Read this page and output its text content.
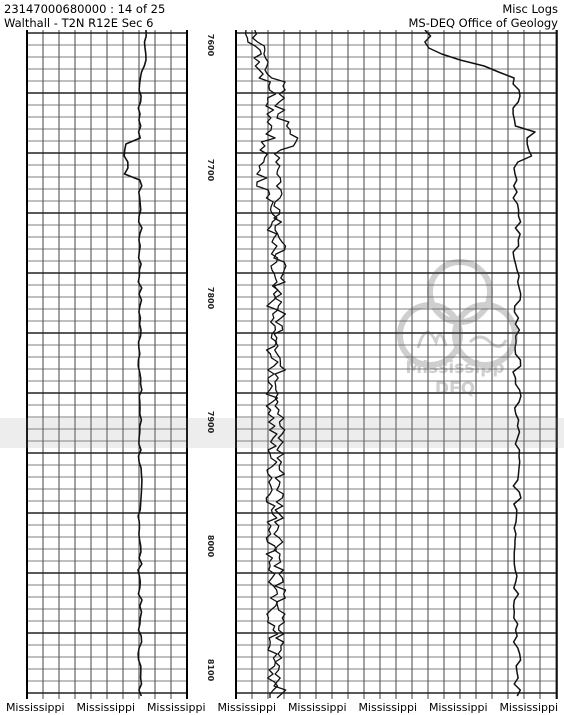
23147000680000 : 14 of 25
Walthall - T2N R12E Sec 6
Misc Logs
MS-DEQ Office of Geology
7600
7700
7800
7900
8000
8100
Mississipp
DEQ
Mississippi Mississippi Mississippi Mississippi Mississippi Mississippi Mississippi Mississippi
